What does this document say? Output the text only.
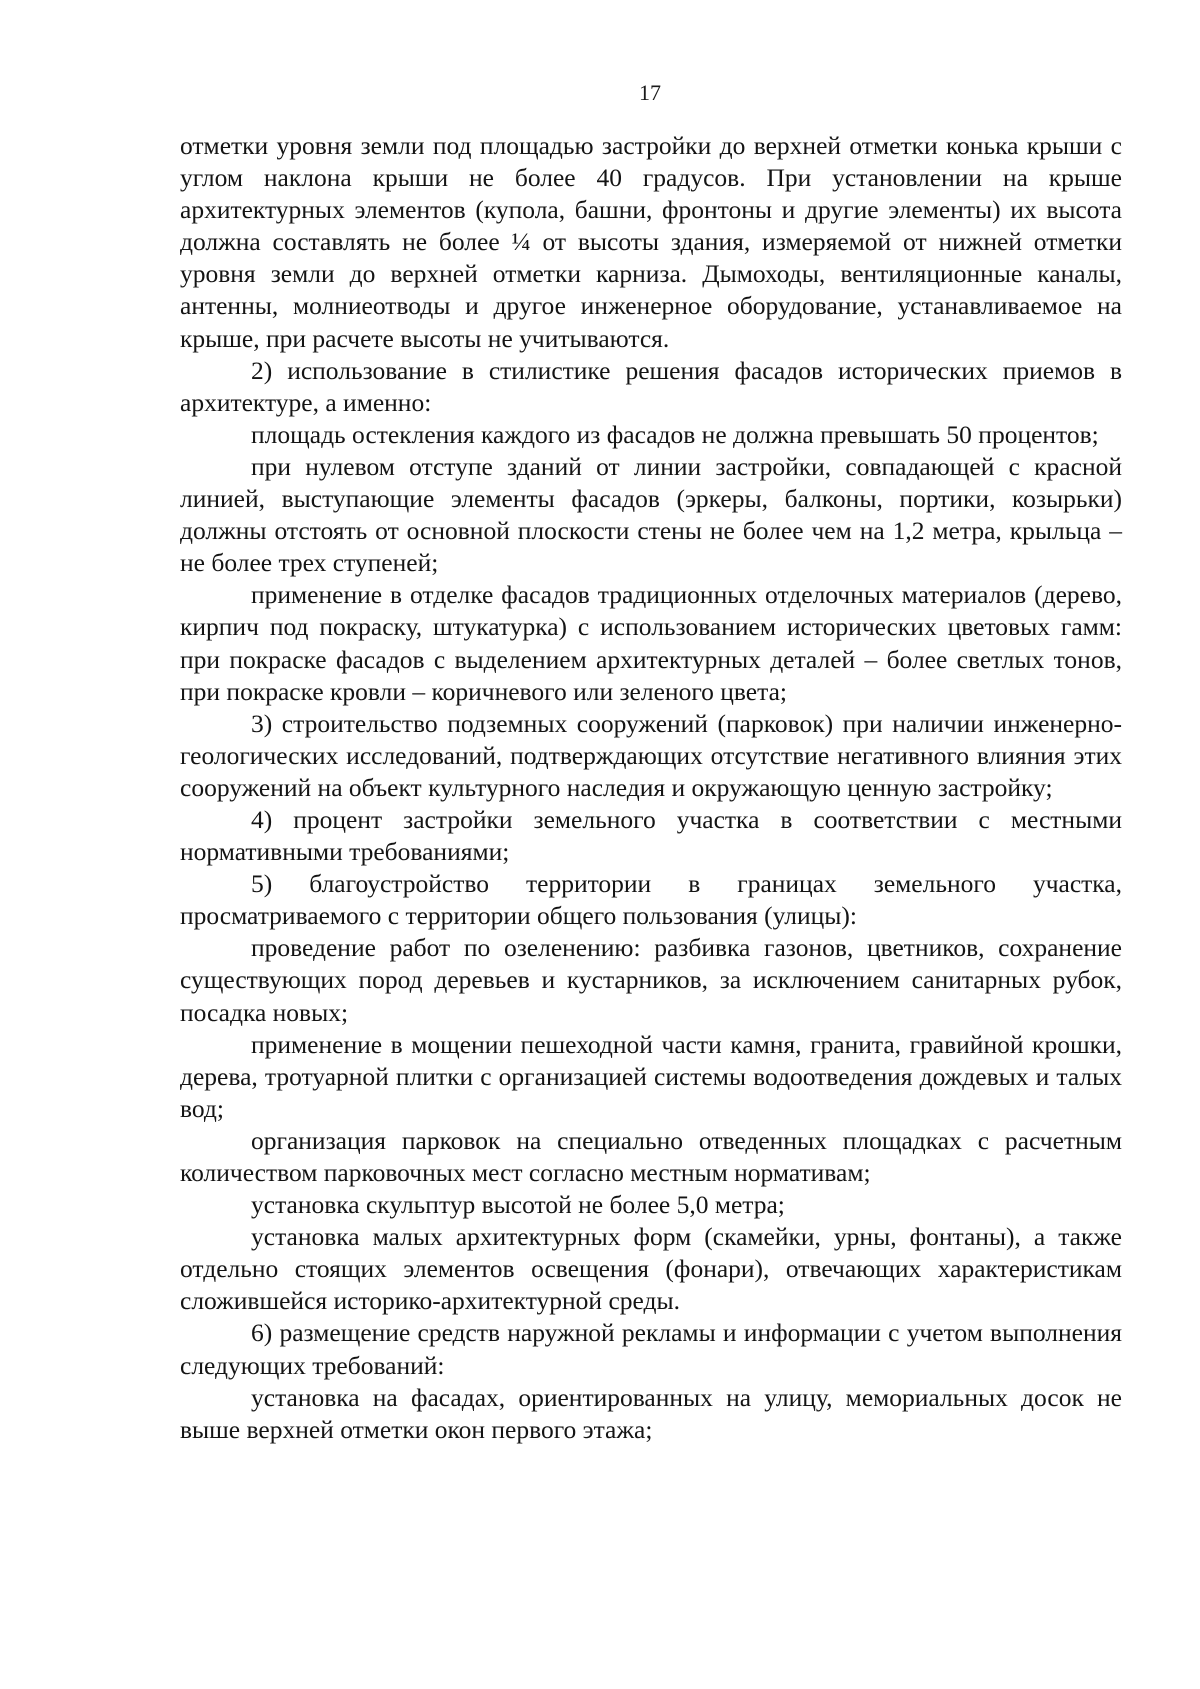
17

отметки уровня земли под площадью застройки до верхней отметки конька крыши с углом наклона крыши не более 40 градусов. При установлении на крыше архитектурных элементов (купола, башни, фронтоны и другие элементы) их высота должна составлять не более ¼ от высоты здания, измеряемой от нижней отметки уровня земли до верхней отметки карниза. Дымоходы, вентиляционные каналы, антенны, молниеотводы и другое инженерное оборудование, устанавливаемое на крыше, при расчете высоты не учитываются.

2) использование в стилистике решения фасадов исторических приемов в архитектуре, а именно:

площадь остекления каждого из фасадов не должна превышать 50 процентов;

при нулевом отступе зданий от линии застройки, совпадающей с красной линией, выступающие элементы фасадов (эркеры, балконы, портики, козырьки) должны отстоять от основной плоскости стены не более чем на 1,2 метра, крыльца – не более трех ступеней;

применение в отделке фасадов традиционных отделочных материалов (дерево, кирпич под покраску, штукатурка) с использованием исторических цветовых гамм: при покраске фасадов с выделением архитектурных деталей – более светлых тонов, при покраске кровли – коричневого или зеленого цвета;

3) строительство подземных сооружений (парковок) при наличии инженерно-геологических исследований, подтверждающих отсутствие негативного влияния этих сооружений на объект культурного наследия и окружающую ценную застройку;

4) процент застройки земельного участка в соответствии с местными нормативными требованиями;

5) благоустройство территории в границах земельного участка, просматриваемого с территории общего пользования (улицы):

проведение работ по озеленению: разбивка газонов, цветников, сохранение существующих пород деревьев и кустарников, за исключением санитарных рубок, посадка новых;

применение в мощении пешеходной части камня, гранита, гравийной крошки, дерева, тротуарной плитки с организацией системы водоотведения дождевых и талых вод;

организация парковок на специально отведенных площадках с расчетным количеством парковочных мест согласно местным нормативам;

установка скульптур высотой не более 5,0 метра;

установка малых архитектурных форм (скамейки, урны, фонтаны), а также отдельно стоящих элементов освещения (фонари), отвечающих характеристикам сложившейся историко-архитектурной среды.

6) размещение средств наружной рекламы и информации с учетом выполнения следующих требований:

установка на фасадах, ориентированных на улицу, мемориальных досок не выше верхней отметки окон первого этажа;
